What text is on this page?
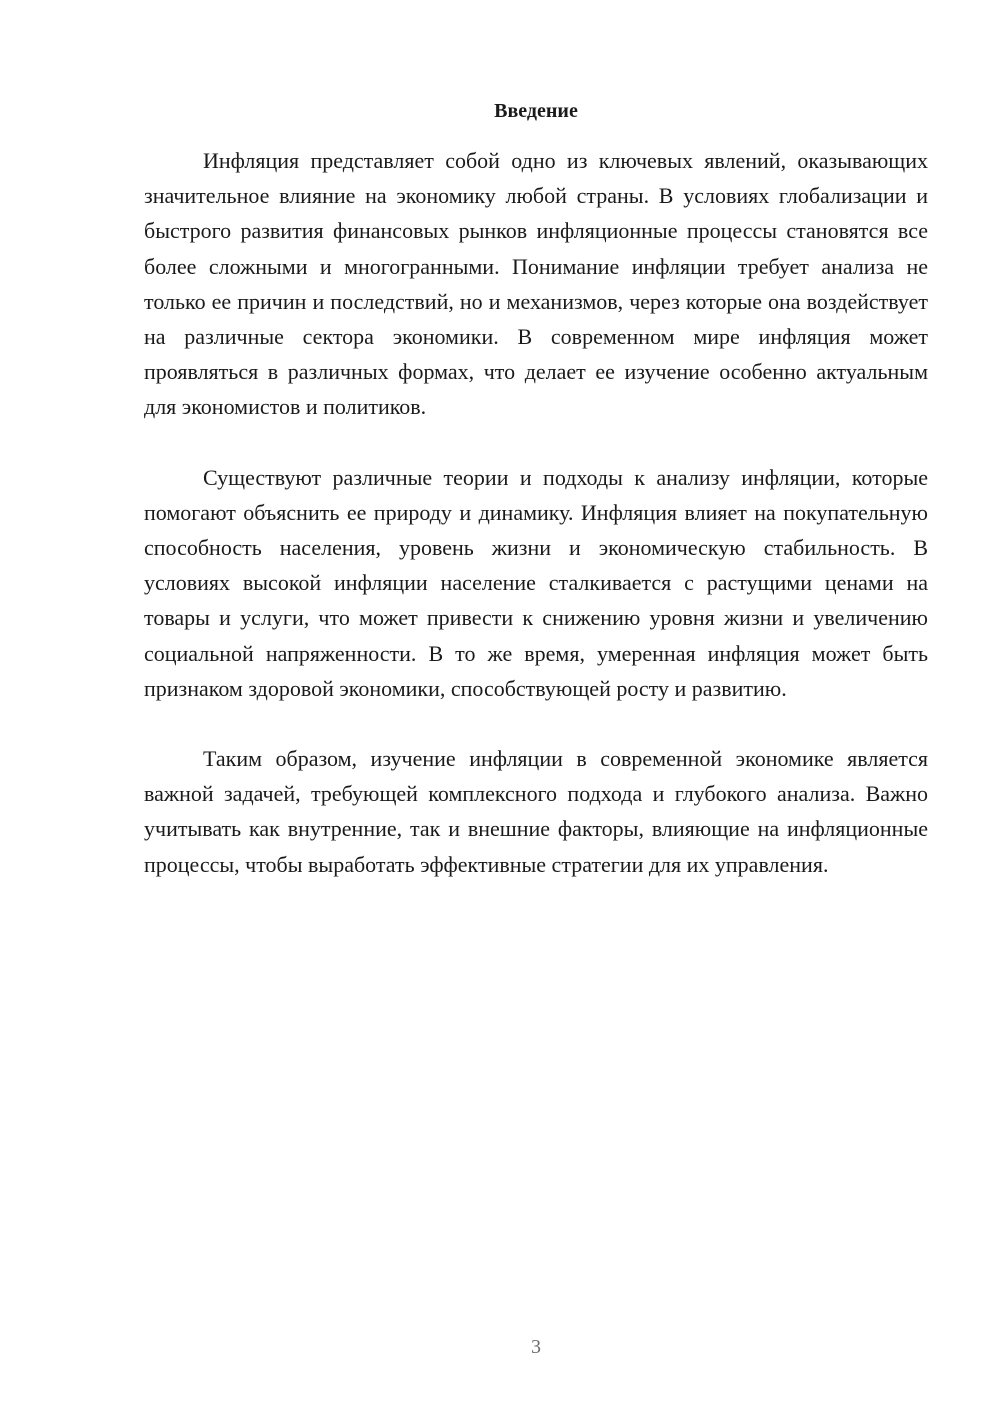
Введение

Инфляция представляет собой одно из ключевых явлений, оказывающих значительное влияние на экономику любой страны. В условиях глобализации и быстрого развития финансовых рынков инфляционные процессы становятся все более сложными и многогранными. Понимание инфляции требует анализа не только ее причин и последствий, но и механизмов, через которые она воздействует на различные сектора экономики. В современном мире инфляция может проявляться в различных формах, что делает ее изучение особенно актуальным для экономистов и политиков.

Существуют различные теории и подходы к анализу инфляции, которые помогают объяснить ее природу и динамику. Инфляция влияет на покупательную способность населения, уровень жизни и экономическую стабильность. В условиях высокой инфляции население сталкивается с растущими ценами на товары и услуги, что может привести к снижению уровня жизни и увеличению социальной напряженности. В то же время, умеренная инфляция может быть признаком здоровой экономики, способствующей росту и развитию.

Таким образом, изучение инфляции в современной экономике является важной задачей, требующей комплексного подхода и глубокого анализа. Важно учитывать как внутренние, так и внешние факторы, влияющие на инфляционные процессы, чтобы выработать эффективные стратегии для их управления.

3
